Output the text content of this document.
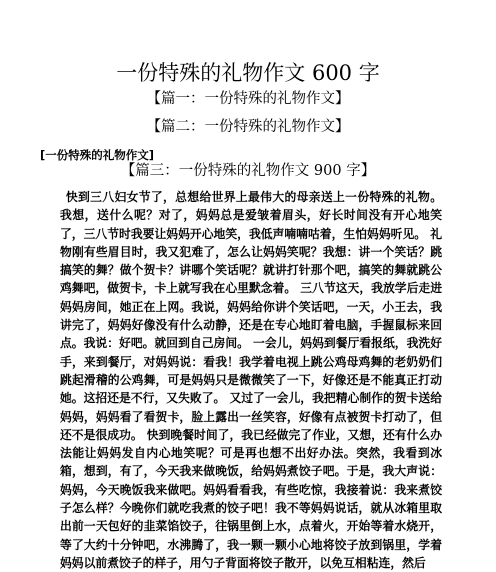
一份特殊的礼物作文 600 字
【篇一：一份特殊的礼物作文】
【篇二：一份特殊的礼物作文】
[一份特殊的礼物作文]
【篇三：一份特殊的礼物作文 900 字】
快到三八妇女节了，总想给世界上最伟大的母亲送上一份特殊的礼物。 我想，送什么呢？对了，妈妈总是爱皱着眉头，好长时间没有开心地笑了，三八节时我要让妈妈开心地笑，我低声喃喃咕着，生怕妈妈听见。 礼物刚有些眉目时，我又犯难了，怎么让妈妈笑呢？我想：讲一个笑话？跳搞笑的舞？做个贺卡？讲哪个笑话呢？就讲打针那个吧，搞笑的舞就跳公鸡舞吧，做贺卡，卡上就写我在心里默念着。 三八节这天，我放学后走进妈妈房间，她正在上网。我说，妈妈给你讲个笑话吧，一天，小王去，我讲完了，妈妈好像没有什么动静，还是在专心地盯着电脑，手握鼠标来回点。我说：好吧。就回到自己房间。 一会儿，妈妈到餐厅看报纸，我洗好手，来到餐厅，对妈妈说：看我！我学着电视上跳公鸡母鸡舞的老奶奶们跳起滑稽的公鸡舞，可是妈妈只是微微笑了一下，好像还是不能真正打动她。这招还是不行，又失败了。 又过了一会儿，我把精心制作的贺卡送给妈妈，妈妈看了看贺卡，脸上露出一丝笑容，好像有点被贺卡打动了，但还不是很成功。 快到晚餐时间了，我已经做完了作业，又想，还有什么办法能让妈妈发自内心地笑呢？可是再也想不出好办法。突然，我看到冰箱，想到，有了，今天我来做晚饭，给妈妈煮饺子吧。于是，我大声说：妈妈，今天晚饭我来做吧。妈妈看看我，有些吃惊，我接着说：我来煮饺子怎么样？今晚你们就吃我煮的饺子吧！我不等妈妈说话，就从冰箱里取出前一天包好的韭菜馅饺子，往锅里倒上水，点着火，开始等着水烧开，等了大约十分钟吧，水沸腾了，我一颗一颗小心地将饺子放到锅里，学着妈妈以前煮饺子的样子，用勺子背面将饺子散开，以免互相粘连，然后
